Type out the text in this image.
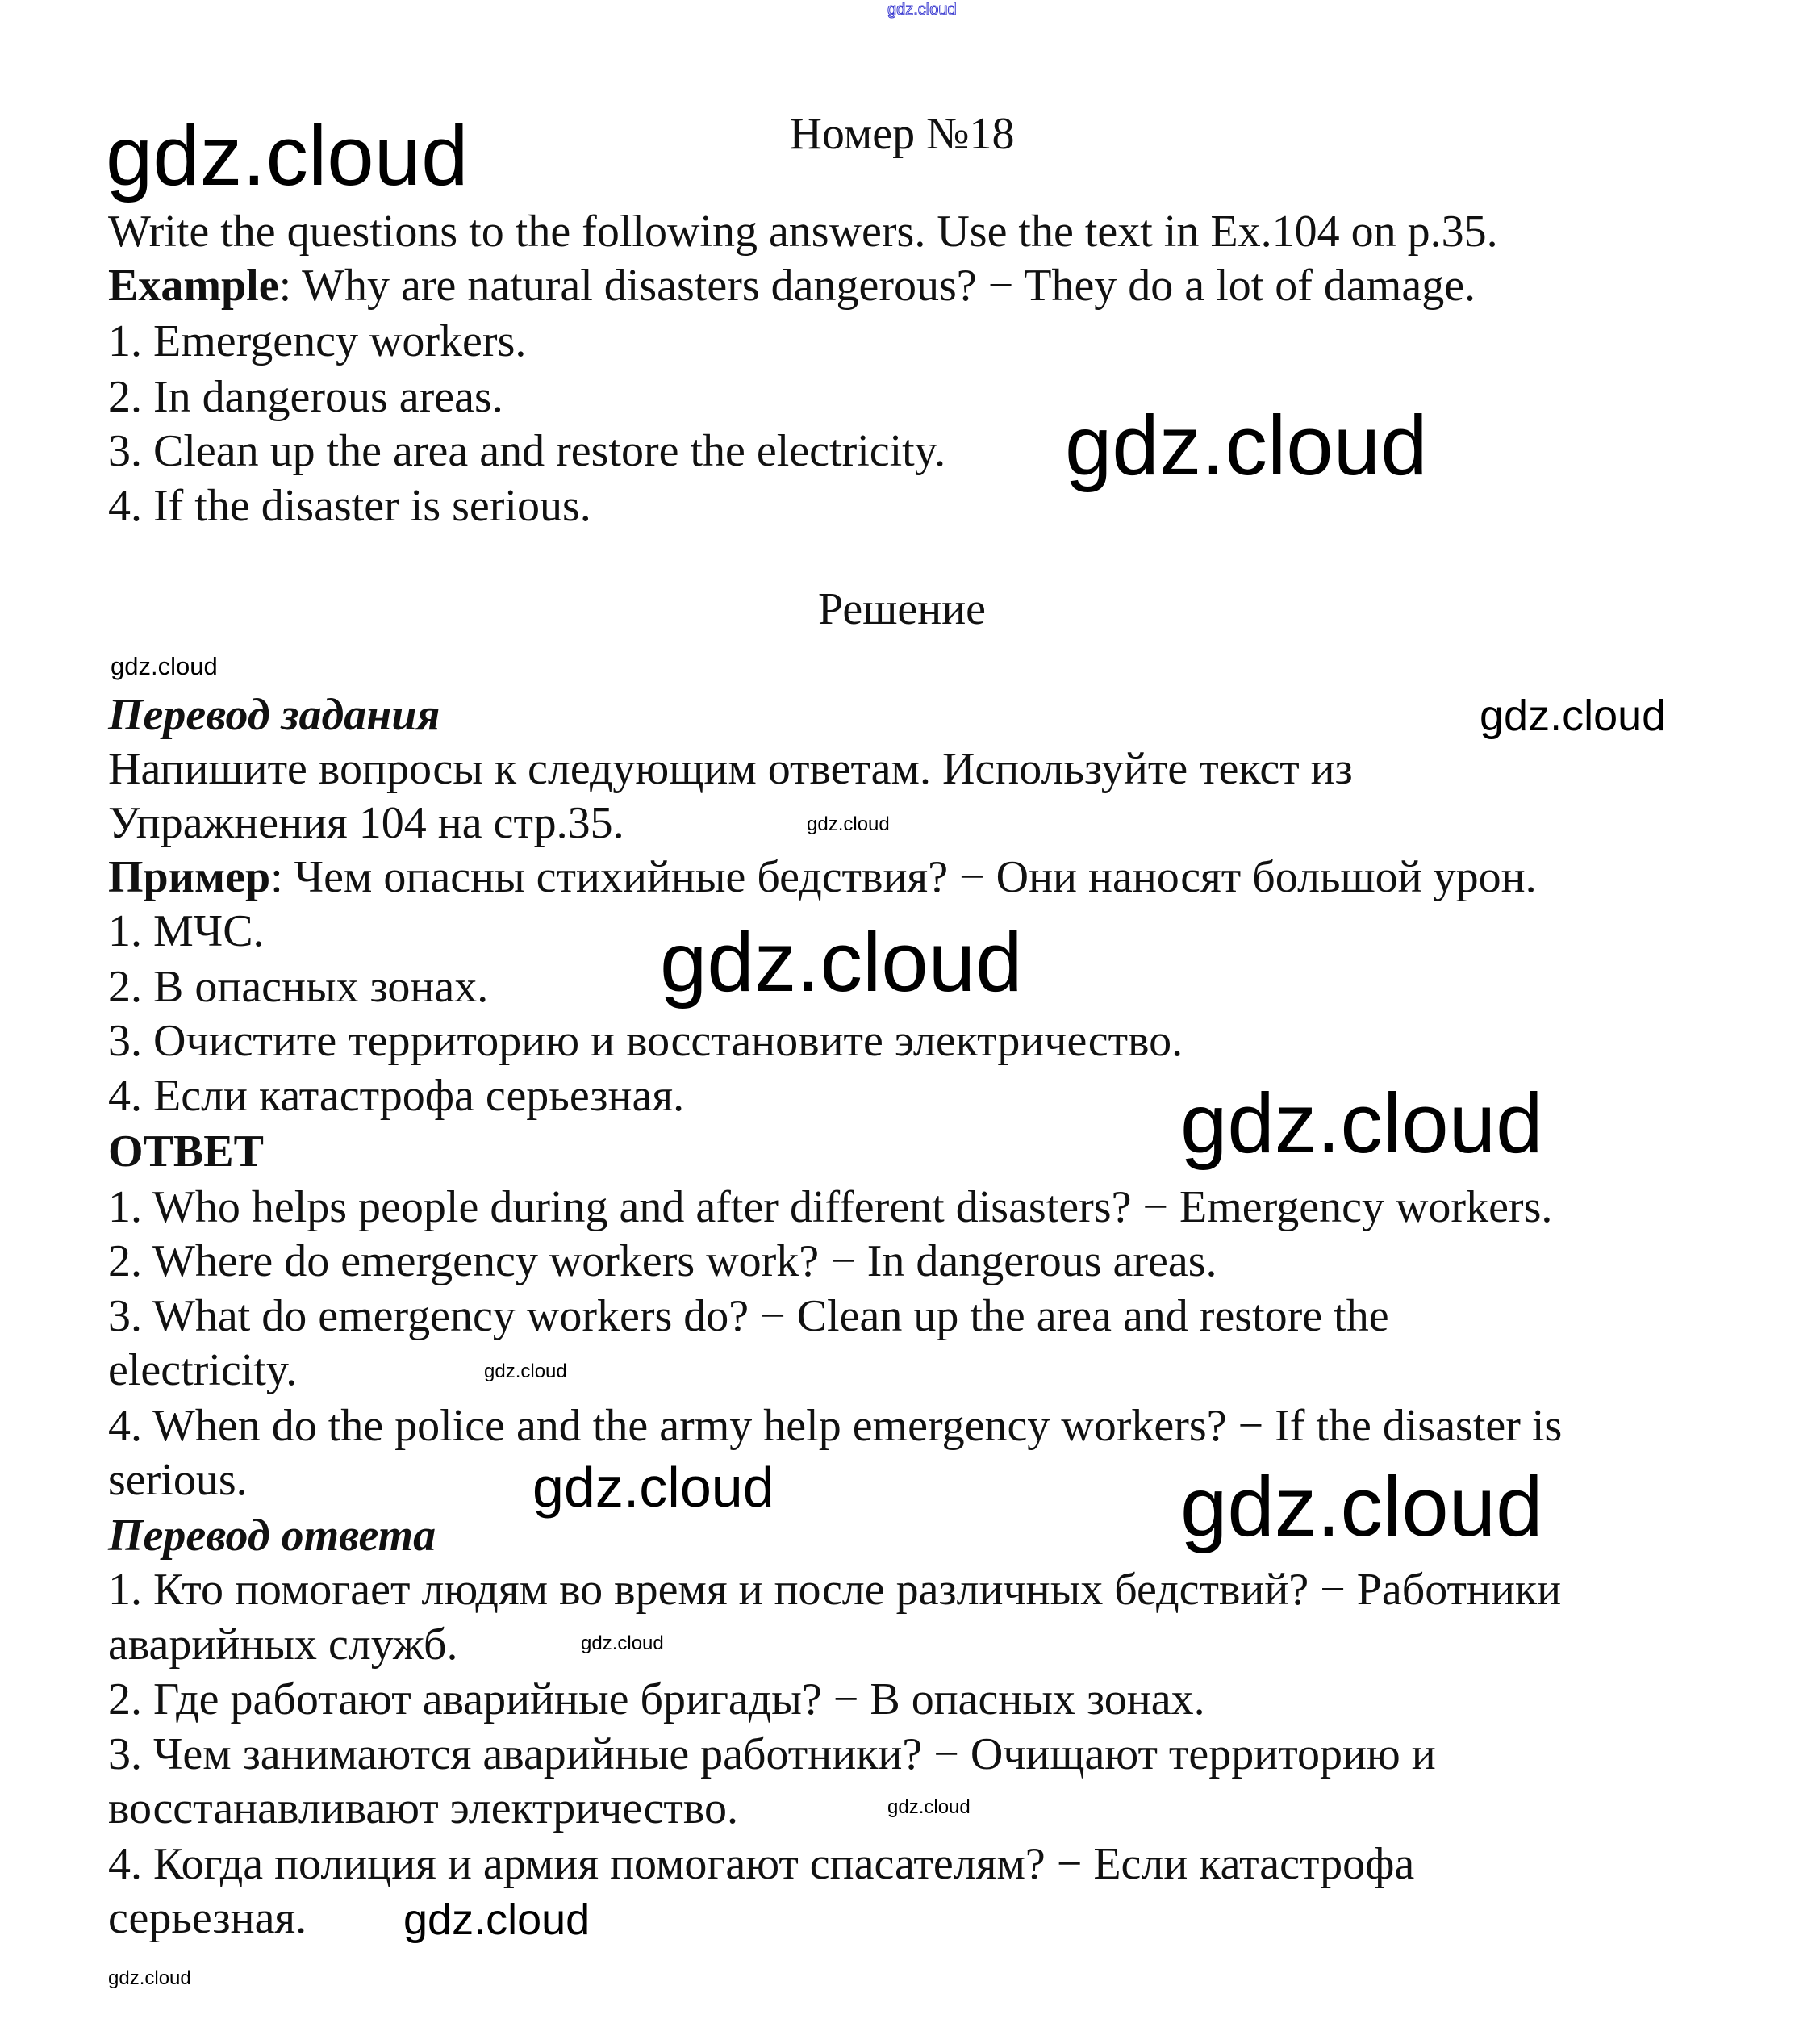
Номер №18
Write the questions to the following answers. Use the text in Ex.104 on p.35.
Example: Why are natural disasters dangerous? − They do a lot of damage.
1. Emergency workers.
2. In dangerous areas.
3. Clean up the area and restore the electricity.
4. If the disaster is serious.
Решение
Перевод задания
Напишите вопросы к следующим ответам. Используйте текст из
Упражнения 104 на стр.35.
Пример: Чем опасны стихийные бедствия? − Они наносят большой урон.
1. МЧС.
2. В опасных зонах.
3. Очистите территорию и восстановите электричество.
4. Если катастрофа серьезная.
ОТВЕТ
1. Who helps people during and after different disasters? − Emergency workers.
2. Where do emergency workers work? − In dangerous areas.
3. What do emergency workers do? − Clean up the area and restore the
electricity.
4. When do the police and the army help emergency workers? − If the disaster is
serious.
Перевод ответа
1. Кто помогает людям во время и после различных бедствий? − Работники
аварийных служб.
2. Где работают аварийные бригады? − В опасных зонах.
3. Чем занимаются аварийные работники? − Очищают территорию и
восстанавливают электричество.
4. Когда полиция и армия помогают спасателям? − Если катастрофа
серьезная.
gdz.cloud
gdz.cloud
gdz.cloud
gdz.cloud
gdz.cloud
gdz.cloud
gdz.cloud
gdz.cloud
gdz.cloud
gdz.cloud
gdz.cloud
gdz.cloud
gdz.cloud
gdz.cloud
gdz.cloud
